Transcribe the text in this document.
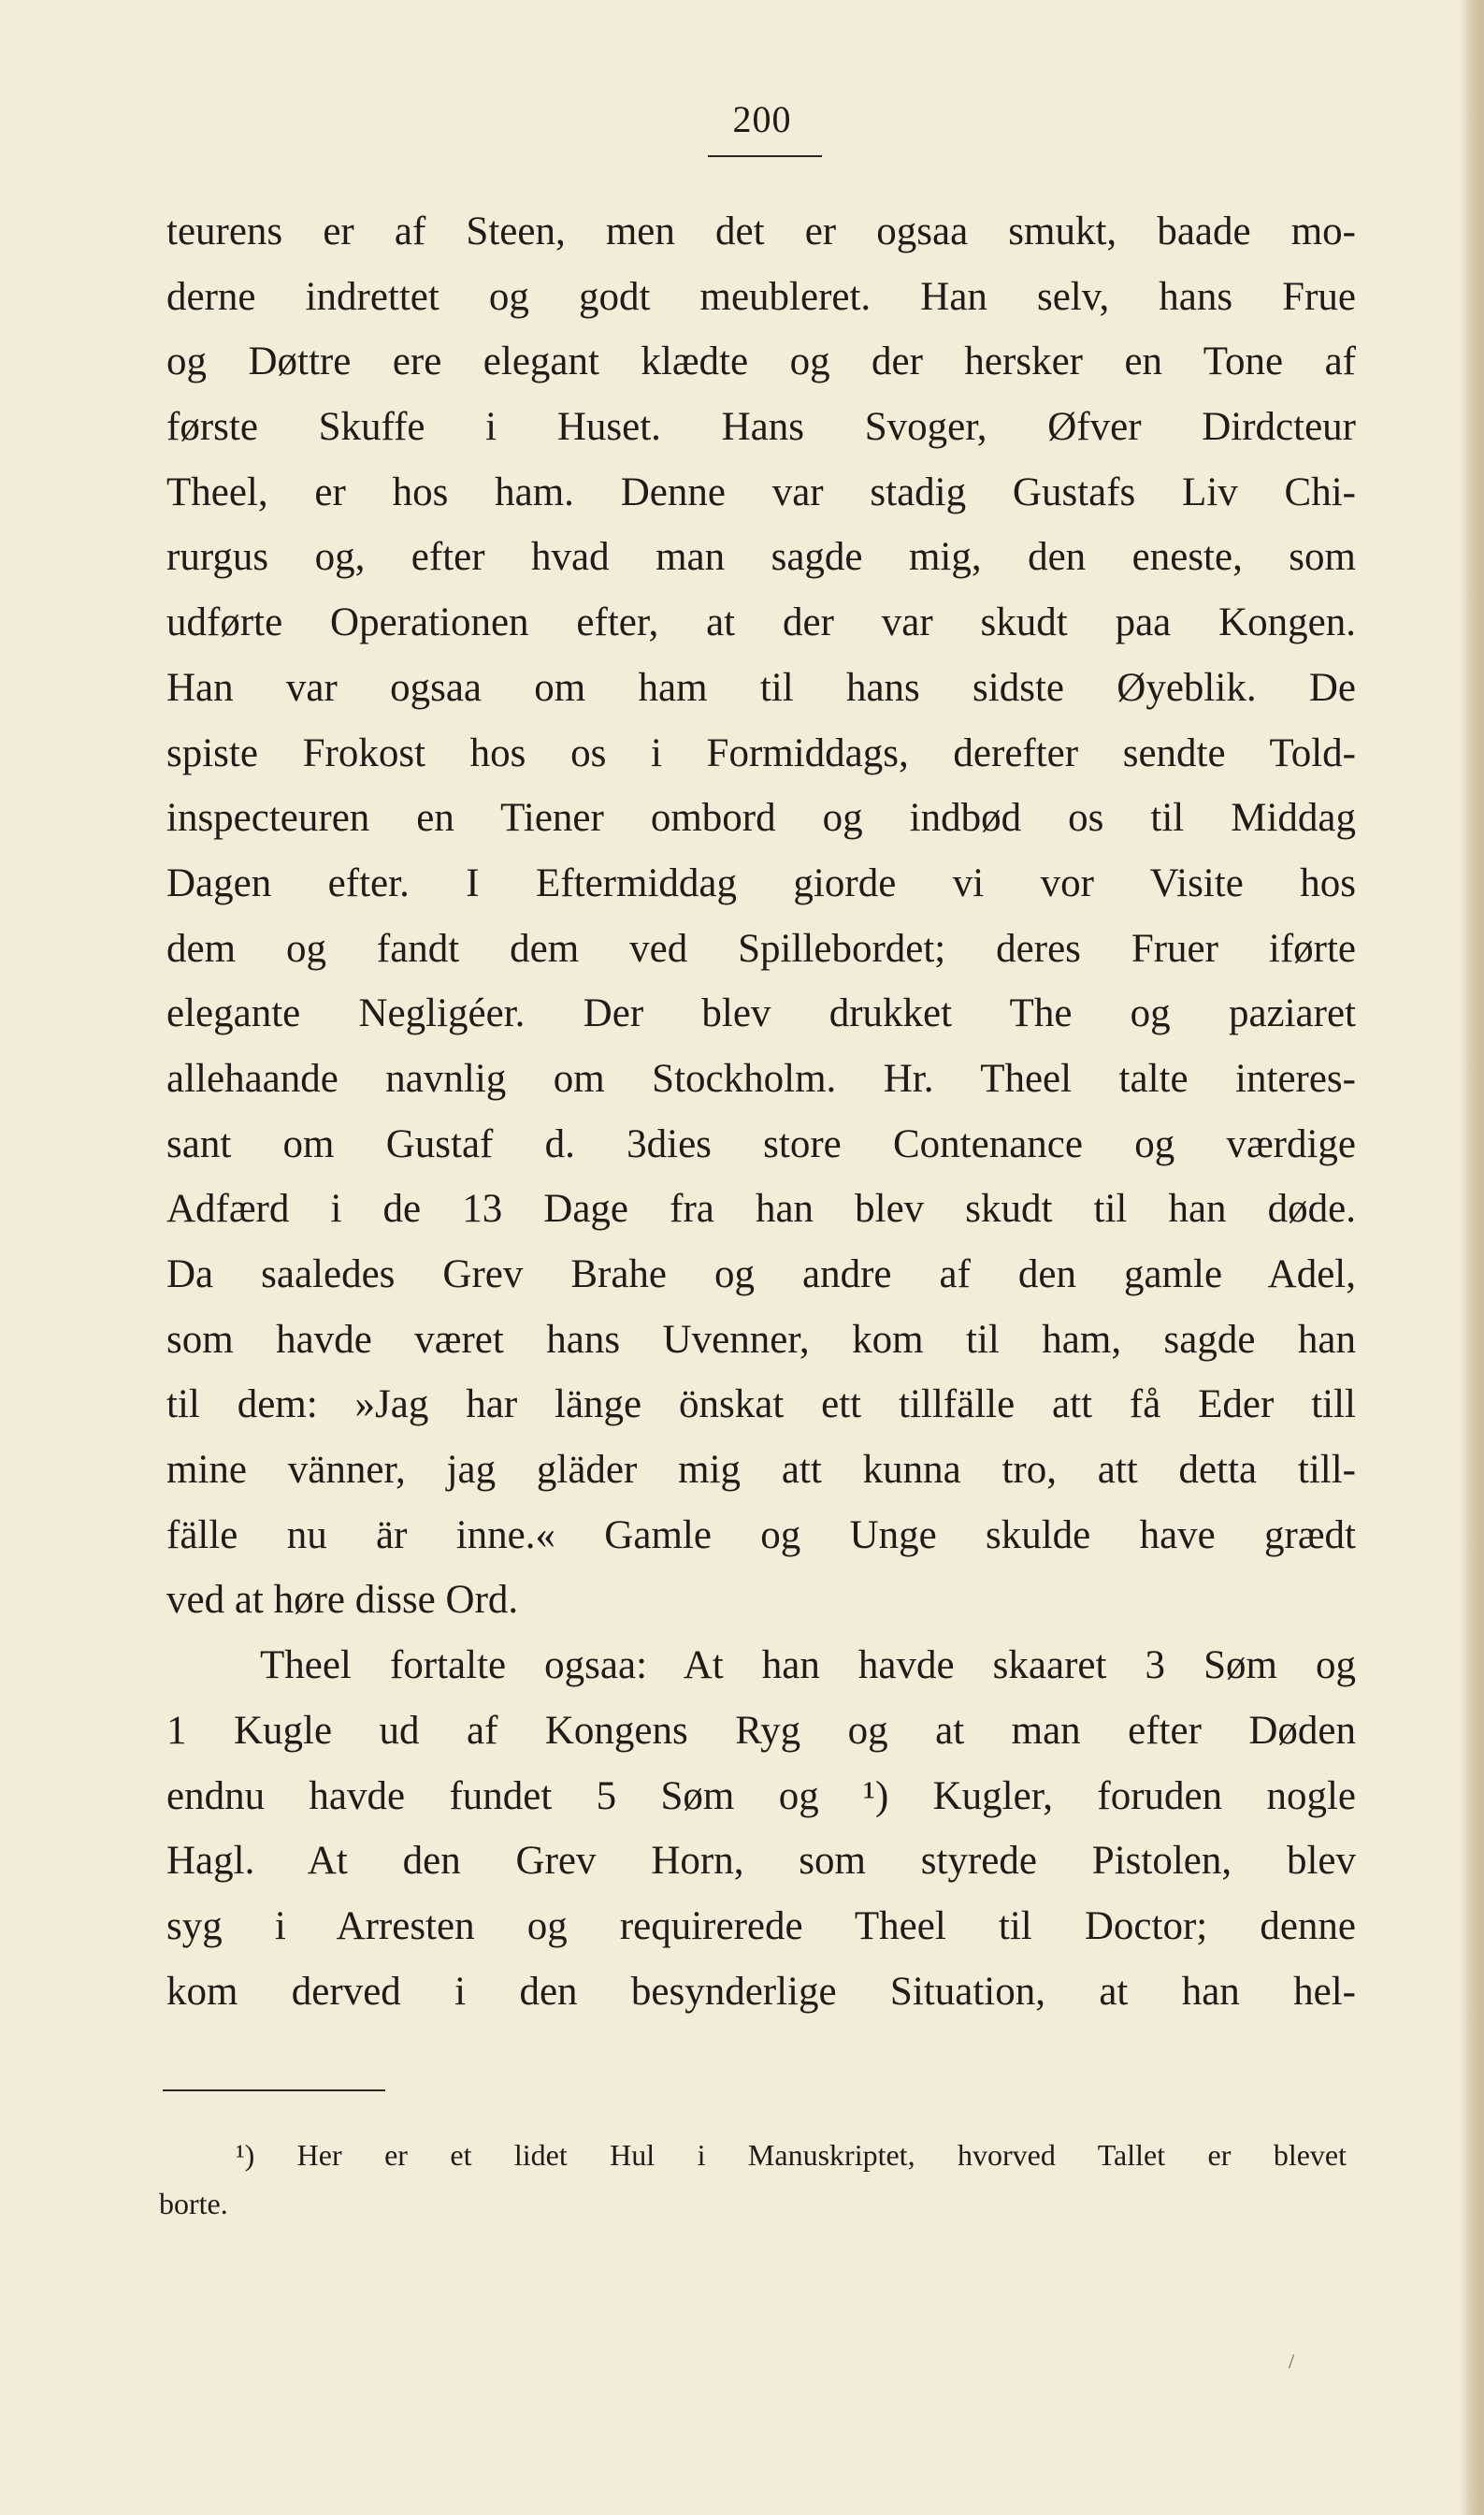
200
teurens er af Steen, men det er ogsaa smukt, baade mo-
derne indrettet og godt meubleret. Han selv, hans Frue
og Døttre ere elegant klædte og der hersker en Tone af
første Skuffe i Huset. Hans Svoger, Øfver Dirdcteur
Theel, er hos ham. Denne var stadig Gustafs Liv Chi-
rurgus og, efter hvad man sagde mig, den eneste, som
udførte Operationen efter, at der var skudt paa Kongen.
Han var ogsaa om ham til hans sidste Øyeblik. De
spiste Frokost hos os i Formiddags, derefter sendte Told-
inspecteuren en Tiener ombord og indbød os til Middag
Dagen efter. I Eftermiddag giorde vi vor Visite hos
dem og fandt dem ved Spillebordet; deres Fruer iførte
elegante Negligéer. Der blev drukket The og paziaret
allehaande navnlig om Stockholm. Hr. Theel talte interes-
sant om Gustaf d. 3dies store Contenance og værdige
Adfærd i de 13 Dage fra han blev skudt til han døde.
Da saaledes Grev Brahe og andre af den gamle Adel,
som havde været hans Uvenner, kom til ham, sagde han
til dem: »Jag har länge önskat ett tillfälle att få Eder till
mine vänner, jag gläder mig att kunna tro, att detta till-
fälle nu är inne.« Gamle og Unge skulde have grædt
ved at høre disse Ord.
Theel fortalte ogsaa: At han havde skaaret 3 Søm og
1 Kugle ud af Kongens Ryg og at man efter Døden
endnu havde fundet 5 Søm og ¹) Kugler, foruden nogle
Hagl. At den Grev Horn, som styrede Pistolen, blev
syg i Arresten og requirerede Theel til Doctor; denne
kom derved i den besynderlige Situation, at han hel-
¹) Her er et lidet Hul i Manuskriptet, hvorved Tallet er blevet
borte.
/
